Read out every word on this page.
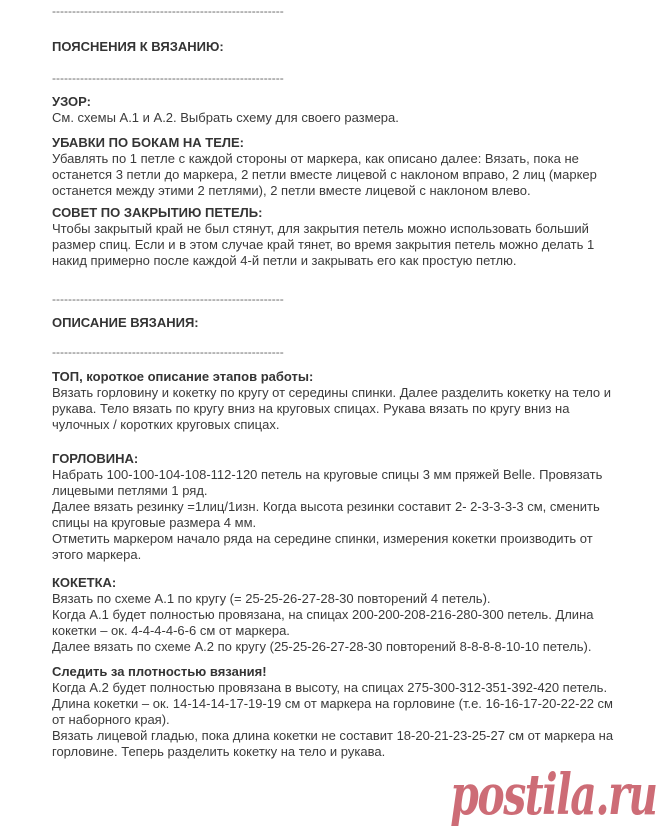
----------------------------------------------------------
ПОЯСНЕНИЯ К ВЯЗАНИЮ:
----------------------------------------------------------
УЗОР:

См. схемы А.1 и А.2. Выбрать схему для своего размера.

УБАВКИ ПО БОКАМ НА ТЕЛЕ:

Убавлять по 1 петле с каждой стороны от маркера, как описано далее: Вязать, пока не останется 3 петли до маркера, 2 петли вместе лицевой с наклоном вправо, 2 лиц (маркер останется между этими 2 петлями), 2 петли вместе лицевой с наклоном влево.

СОВЕТ ПО ЗАКРЫТИЮ ПЕТЕЛЬ:

Чтобы закрытый край не был стянут, для закрытия петель можно использовать больший размер спиц. Если и в этом случае край тянет, во время закрытия петель можно делать 1 накид примерно после каждой 4-й петли и закрывать его как простую петлю.

----------------------------------------------------------
ОПИСАНИЕ ВЯЗАНИЯ:
----------------------------------------------------------
ТОП, короткое описание этапов работы:

Вязать горловину и кокетку по кругу от середины спинки. Далее разделить кокетку на тело и рукава. Тело вязать по кругу вниз на круговых спицах. Рукава вязать по кругу вниз на чулочных / коротких круговых спицах.

ГОРЛОВИНА:

Набрать 100-100-104-108-112-120 петель на круговые спицы 3 мм пряжей Belle. Провязать лицевыми петлями 1 ряд.

Далее вязать резинку =1лиц/1изн. Когда высота резинки составит 2- 2-3-3-3-3 см, сменить спицы на круговые размера 4 мм.

Отметить маркером начало ряда на середине спинки, измерения кокетки производить от этого маркера.

КОКЕТКА:

Вязать по схеме А.1 по кругу (= 25-25-26-27-28-30 повторений 4 петель).

Когда А.1 будет полностью провязана, на спицах 200-200-208-216-280-300 петель. Длина кокетки – ок. 4-4-4-4-6-6 см от маркера.

Далее вязать по схеме А.2 по кругу (25-25-26-27-28-30 повторений 8-8-8-8-10-10 петель).

Следить за плотностью вязания!

Когда А.2 будет полностью провязана в высоту, на спицах 275-300-312-351-392-420 петель. Длина кокетки – ок. 14-14-14-17-19-19 см от маркера на горловине (т.е. 16-16-17-20-22-22 см от наборного края).

Вязать лицевой гладью, пока длина кокетки не составит 18-20-21-23-25-27 см от маркера на горловине. Теперь разделить кокетку на тело и рукава.

postila.ru
